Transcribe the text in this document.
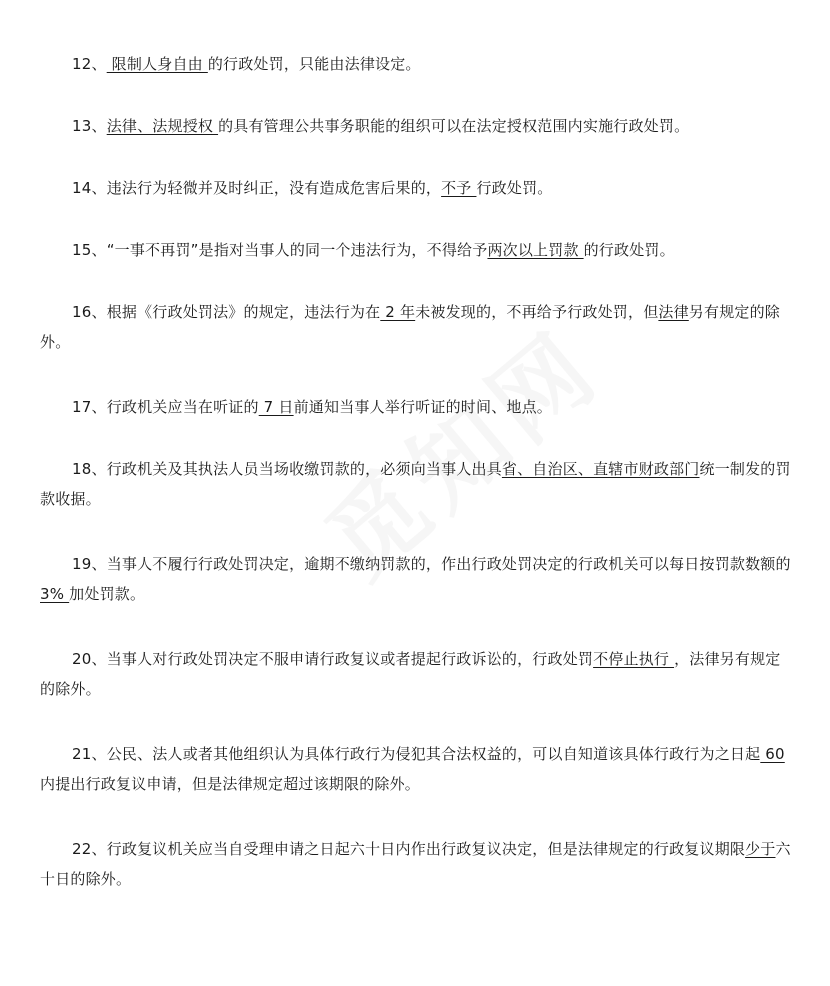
12、 限制人身自由 的行政处罚，只能由法律设定。

13、法律、法规授权 的具有管理公共事务职能的组织可以在法定授权范围内实施行政处罚。

14、违法行为轻微并及时纠正，没有造成危害后果的，不予 行政处罚。

15、“一事不再罚”是指对当事人的同一个违法行为，不得给予两次以上罚款 的行政处罚。

16、根据《行政处罚法》的规定，违法行为在 2 年未被发现的，不再给予行政处罚，但法律另有规定的除外。

17、行政机关应当在听证的 7 日前通知当事人举行听证的时间、地点。

18、行政机关及其执法人员当场收缴罚款的，必须向当事人出具省、自治区、直辖市财政部门统一制发的罚款收据。

19、当事人不履行行政处罚决定，逾期不缴纳罚款的，作出行政处罚决定的行政机关可以每日按罚款数额的 3% 加处罚款。

20、当事人对行政处罚决定不服申请行政复议或者提起行政诉讼的，行政处罚不停止执行 ，法律另有规定的除外。

21、公民、法人或者其他组织认为具体行政行为侵犯其合法权益的，可以自知道该具体行政行为之日起 60内提出行政复议申请，但是法律规定超过该期限的除外。

22、行政复议机关应当自受理申请之日起六十日内作出行政复议决定，但是法律规定的行政复议期限少于六十日的除外。
